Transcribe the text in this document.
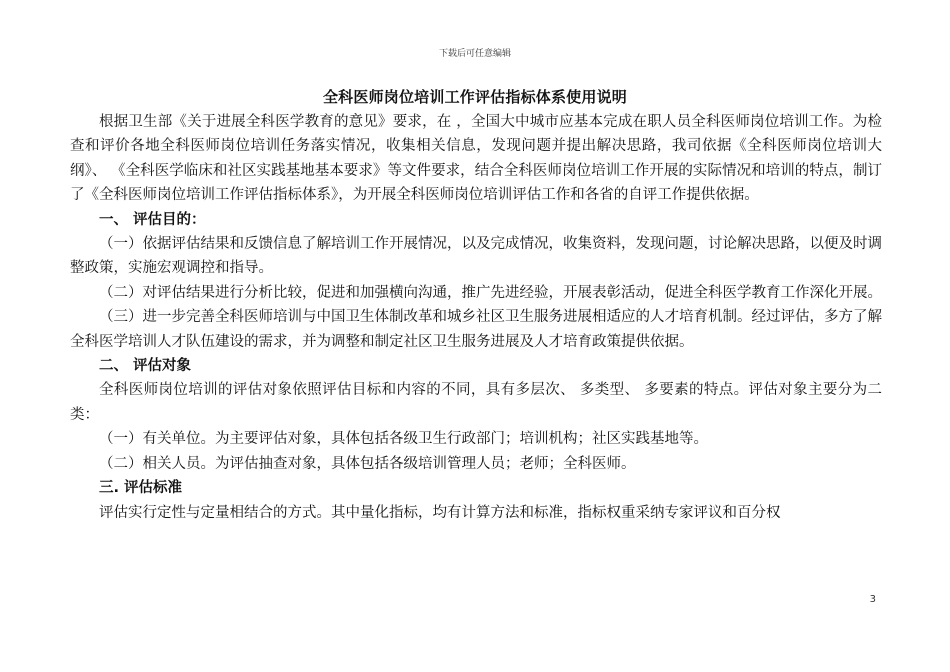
下载后可任意编辑
全科医师岗位培训工作评估指标体系使用说明

根据卫生部《关于进展全科医学教育的意见》要求，在 ，全国大中城市应基本完成在职人员全科医师岗位培训工作。为检查和评价各地全科医师岗位培训任务落实情况，收集相关信息，发现问题并提出解决思路，我司依据《全科医师岗位培训大纲》、 《全科医学临床和社区实践基地基本要求》等文件要求，结合全科医师岗位培训工作开展的实际情况和培训的特点，制订了《全科医师岗位培训工作评估指标体系》，为开展全科医师岗位培训评估工作和各省的自评工作提供依据。

一、 评估目的：

（一）依据评估结果和反馈信息了解培训工作开展情况，以及完成情况，收集资料，发现问题，讨论解决思路，以便及时调整政策，实施宏观调控和指导。

（二）对评估结果进行分析比较，促进和加强横向沟通，推广先进经验，开展表彰活动，促进全科医学教育工作深化开展。

（三）进一步完善全科医师培训与中国卫生体制改革和城乡社区卫生服务进展相适应的人才培育机制。经过评估，多方了解全科医学培训人才队伍建设的需求，并为调整和制定社区卫生服务进展及人才培育政策提供依据。

二、 评估对象

全科医师岗位培训的评估对象依照评估目标和内容的不同，具有多层次、 多类型、 多要素的特点。评估对象主要分为二类：

（一）有关单位。为主要评估对象，具体包括各级卫生行政部门；培训机构；社区实践基地等。

（二）相关人员。为评估抽查对象，具体包括各级培训管理人员；老师；全科医师。

三. 评估标准

评估实行定性与定量相结合的方式。其中量化指标，均有计算方法和标准，指标权重采纳专家评议和百分权

3
